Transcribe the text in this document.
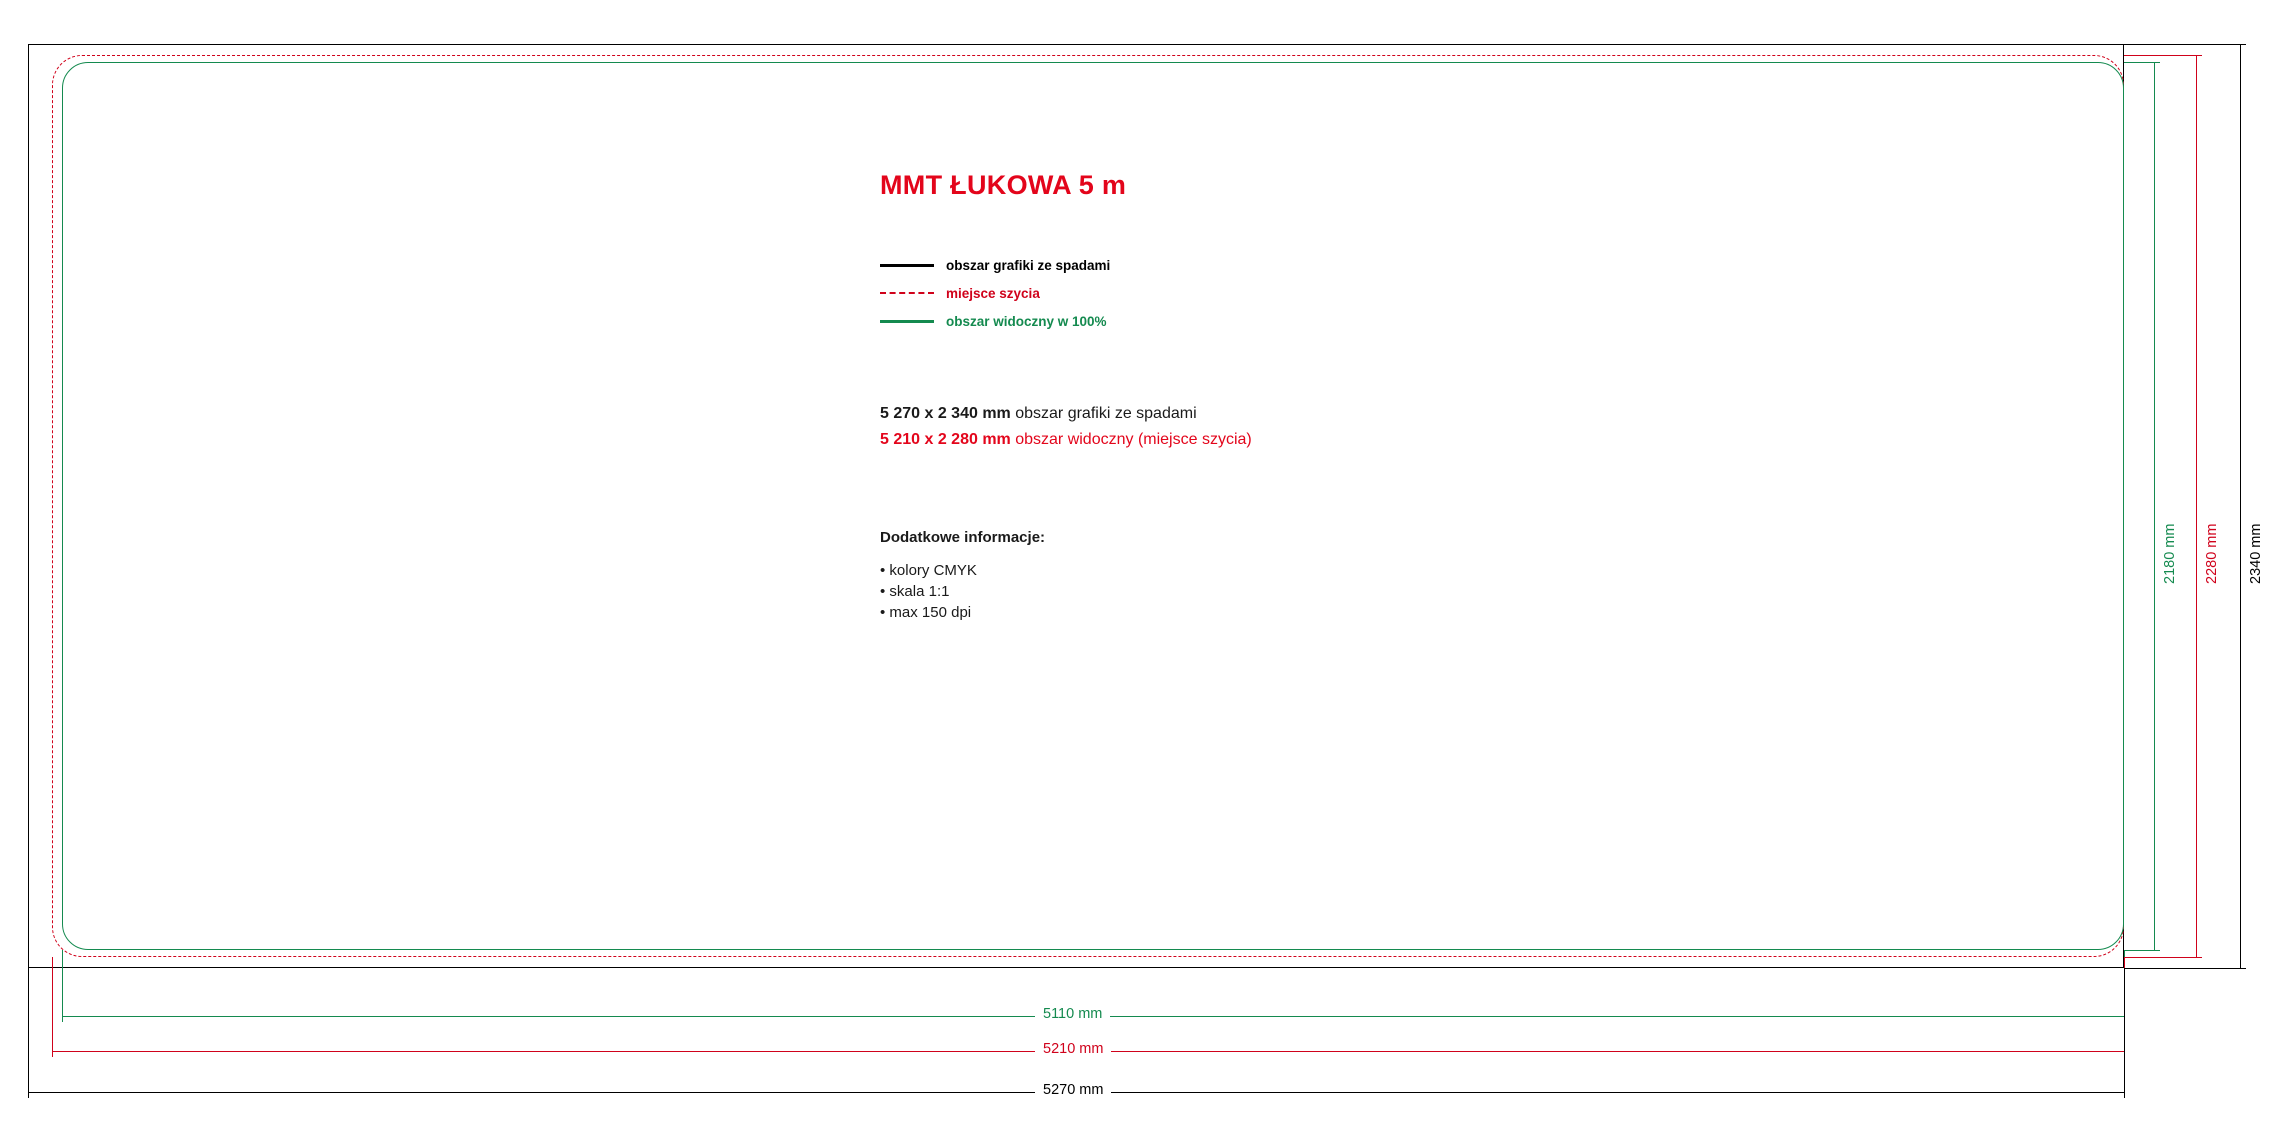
MMT ŁUKOWA 5 m
obszar grafiki ze spadami
miejsce szycia
obszar widoczny w 100%
5 270 x 2 340 mm obszar grafiki ze spadami
5 210 x 2 280 mm obszar widoczny (miejsce szycia)
Dodatkowe informacje:
• kolory CMYK
• skala 1:1
• max 150 dpi
2180 mm 2280 mm 2340 mm
5110 mm
5210 mm
5270 mm
